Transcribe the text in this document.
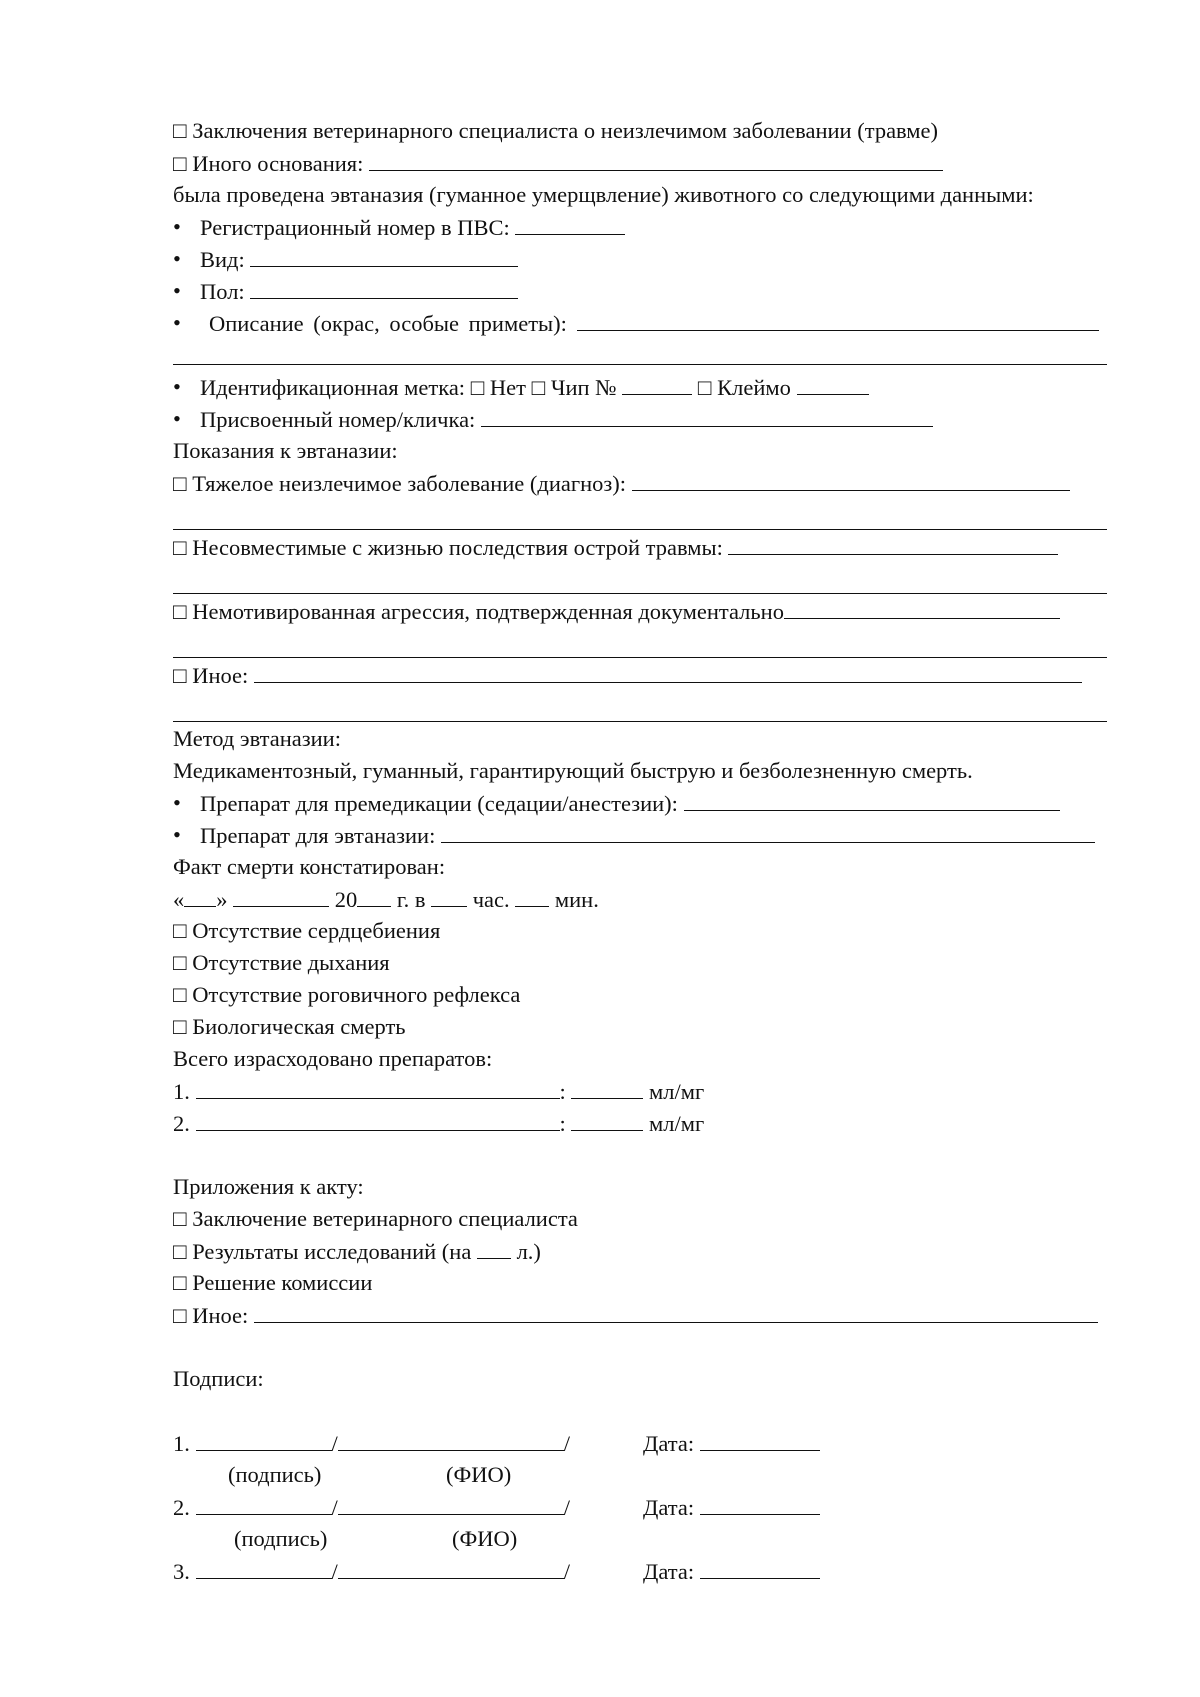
□ Заключения ветеринарного специалиста о неизлечимом заболевании (травме)
□ Иного основания:
была проведена эвтаназия (гуманное умерщвление) животного со следующими данными:
• Регистрационный номер в ПВС:
• Вид:
• Пол:
• Описание (окрас, особые приметы):
• Идентификационная метка: □ Нет □ Чип №	□ Клеймо
• Присвоенный номер/кличка:
Показания к эвтаназии:
□ Тяжелое неизлечимое заболевание (диагноз):
□ Несовместимые с жизнью последствия острой травмы:
□ Немотивированная агрессия, подтвержденная документально
□ Иное:
Метод эвтаназии:
Медикаментозный, гуманный, гарантирующий быструю и безболезненную смерть.
• Препарат для премедикации (седации/анестезии):
• Препарат для эвтаназии:
Факт смерти констатирован:
« »	20 г. в час. мин.
□ Отсутствие сердцебиения
□ Отсутствие дыхания
□ Отсутствие роговичного рефлекса
□ Биологическая смерть
Всего израсходовано препаратов:
1.	:	мл/мг
2.	:	мл/мг
Приложения к акту:
□ Заключение ветеринарного специалиста
□ Результаты исследований (на л.)
□ Решение комиссии
□ Иное:
Подписи:
1.	/	/	Дата:
(подпись)	(ФИО)
2.	/	/	Дата:
(подпись)	(ФИО)
3.	/	/	Дата:
